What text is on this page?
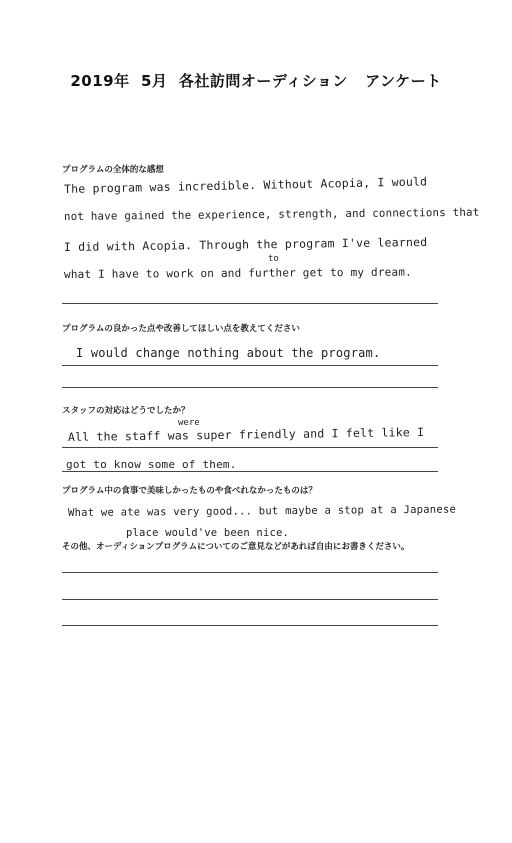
2019年  5月  各社訪問オーディション   アンケート
プログラムの全体的な感想
The program was incredible. Without Acopia, I would
not have gained the experience, strength, and connections that
I did with Acopia. Through the program I've learned
to
what I have to work on and further get to my dream.
プログラムの良かった点や改善してほしい点を教えてください
I would change nothing about the program.
スタッフの対応はどうでしたか？
were
All the staff was super friendly and I felt like I
got to know some of them.
プログラム中の食事で美味しかったものや食べれなかったものは？
What we ate was very good... but maybe a stop at a Japanese
place would've been nice.
その他、オーディションプログラムについてのご意見などがあれば自由にお書きください。
